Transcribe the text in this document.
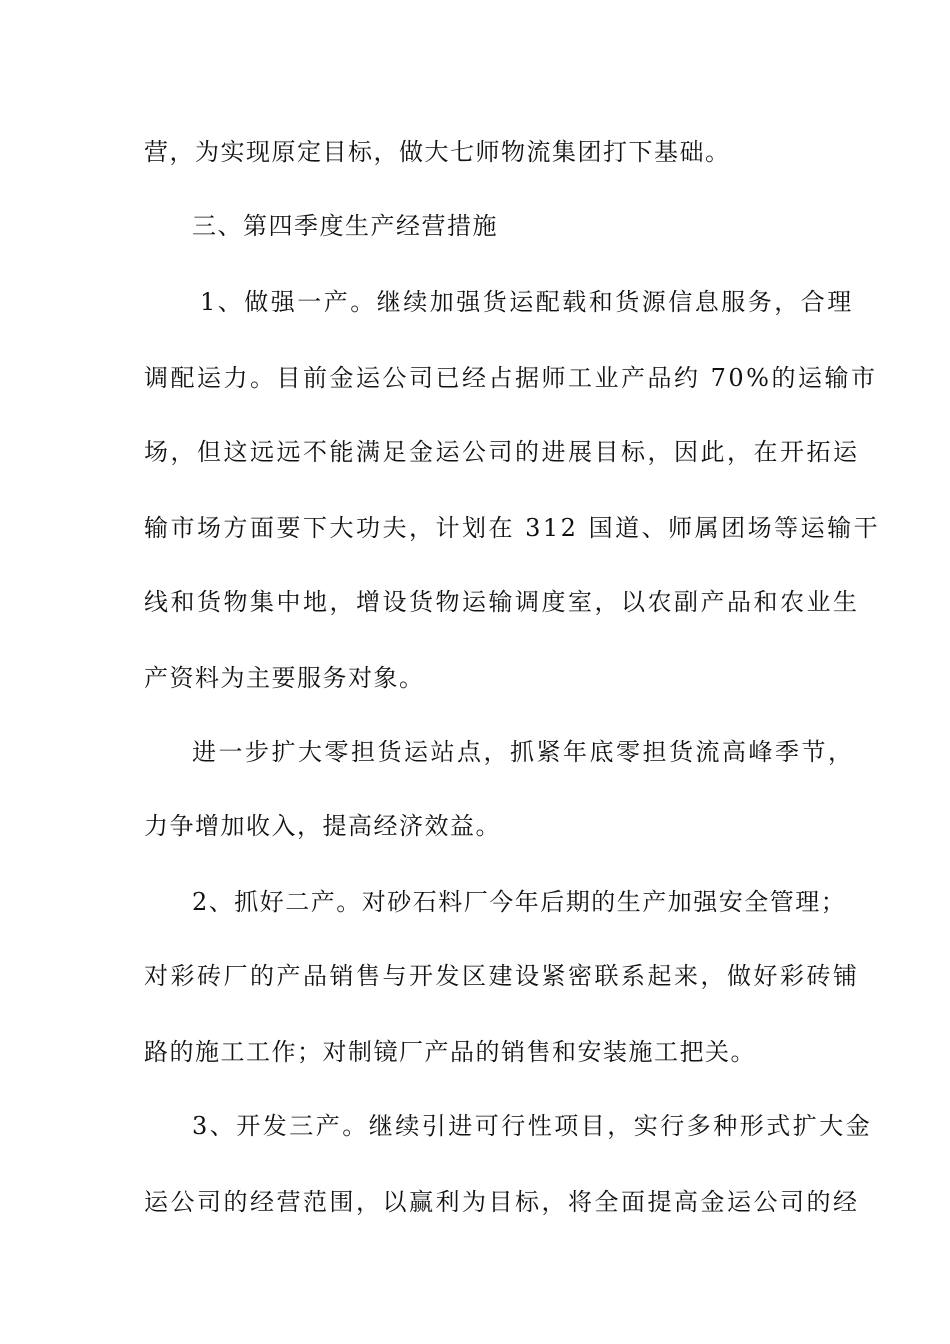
营，为实现原定目标，做大七师物流集团打下基础。
三、第四季度生产经营措施
1、做强一产。继续加强货运配载和货源信息服务，合理
调配运力。目前金运公司已经占据师工业产品约 70%的运输市
场，但这远远不能满足金运公司的进展目标，因此，在开拓运
输市场方面要下大功夫，计划在 312 国道、师属团场等运输干
线和货物集中地，增设货物运输调度室，以农副产品和农业生
产资料为主要服务对象。
进一步扩大零担货运站点，抓紧年底零担货流高峰季节，
力争增加收入，提高经济效益。
2、抓好二产。对砂石料厂今年后期的生产加强安全管理；
对彩砖厂的产品销售与开发区建设紧密联系起来，做好彩砖铺
路的施工工作；对制镜厂产品的销售和安装施工把关。
3、开发三产。继续引进可行性项目，实行多种形式扩大金
运公司的经营范围，以赢利为目标，将全面提高金运公司的经
